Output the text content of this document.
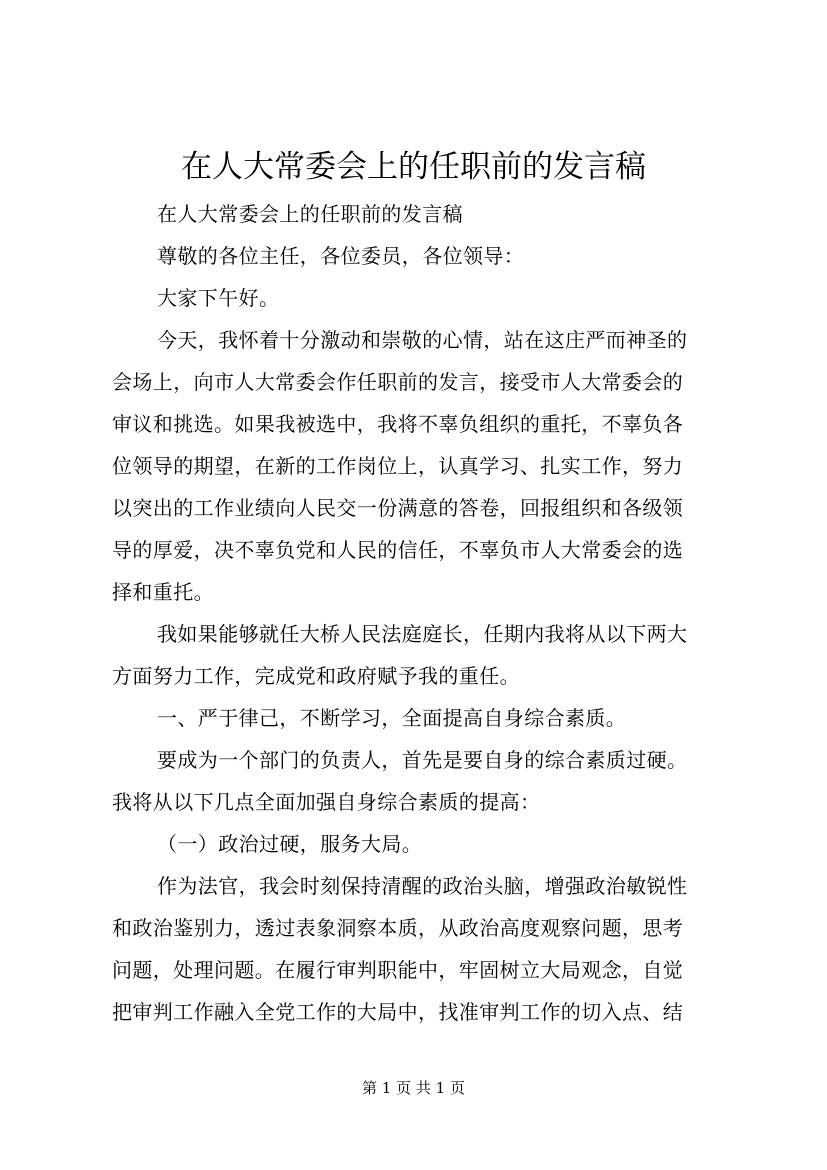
在人大常委会上的任职前的发言稿

在人大常委会上的任职前的发言稿

尊敬的各位主任，各位委员，各位领导：

大家下午好。

今天，我怀着十分激动和崇敬的心情，站在这庄严而神圣的

会场上，向市人大常委会作任职前的发言，接受市人大常委会的

审议和挑选。如果我被选中，我将不辜负组织的重托，不辜负各

位领导的期望，在新的工作岗位上，认真学习、扎实工作，努力

以突出的工作业绩向人民交一份满意的答卷，回报组织和各级领

导的厚爱，决不辜负党和人民的信任，不辜负市人大常委会的选

择和重托。

我如果能够就任大桥人民法庭庭长，任期内我将从以下两大

方面努力工作，完成党和政府赋予我的重任。

一、严于律己，不断学习，全面提高自身综合素质。

要成为一个部门的负责人，首先是要自身的综合素质过硬。

我将从以下几点全面加强自身综合素质的提高：

（一）政治过硬，服务大局。

作为法官，我会时刻保持清醒的政治头脑，增强政治敏锐性

和政治鉴别力，透过表象洞察本质，从政治高度观察问题，思考

问题，处理问题。在履行审判职能中，牢固树立大局观念，自觉

把审判工作融入全党工作的大局中，找准审判工作的切入点、结

第 1 页 共 1 页
